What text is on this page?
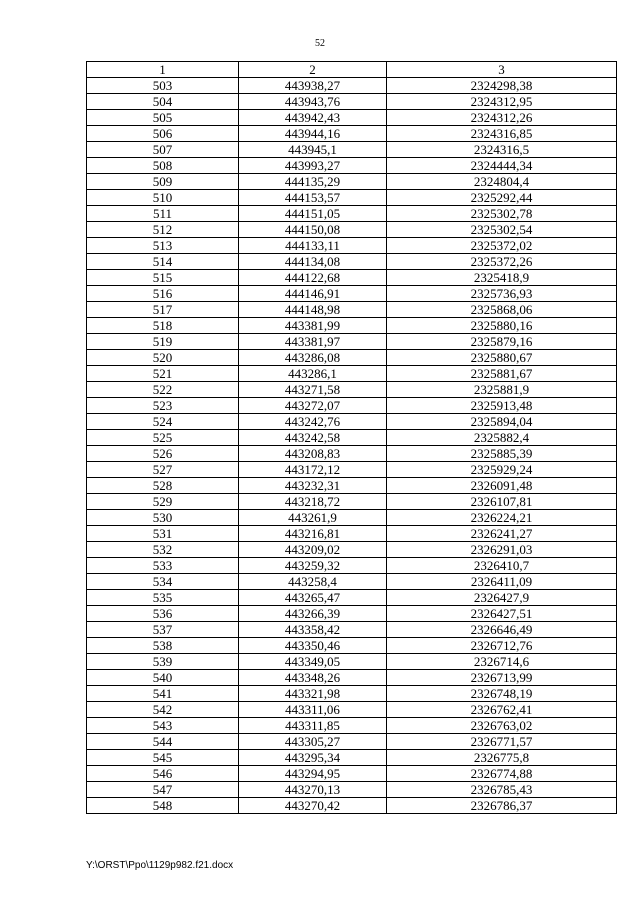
52
1	2	3
503	443938,27	2324298,38
504	443943,76	2324312,95
505	443942,43	2324312,26
506	443944,16	2324316,85
507	443945,1	2324316,5
508	443993,27	2324444,34
509	444135,29	2324804,4
510	444153,57	2325292,44
511	444151,05	2325302,78
512	444150,08	2325302,54
513	444133,11	2325372,02
514	444134,08	2325372,26
515	444122,68	2325418,9
516	444146,91	2325736,93
517	444148,98	2325868,06
518	443381,99	2325880,16
519	443381,97	2325879,16
520	443286,08	2325880,67
521	443286,1	2325881,67
522	443271,58	2325881,9
523	443272,07	2325913,48
524	443242,76	2325894,04
525	443242,58	2325882,4
526	443208,83	2325885,39
527	443172,12	2325929,24
528	443232,31	2326091,48
529	443218,72	2326107,81
530	443261,9	2326224,21
531	443216,81	2326241,27
532	443209,02	2326291,03
533	443259,32	2326410,7
534	443258,4	2326411,09
535	443265,47	2326427,9
536	443266,39	2326427,51
537	443358,42	2326646,49
538	443350,46	2326712,76
539	443349,05	2326714,6
540	443348,26	2326713,99
541	443321,98	2326748,19
542	443311,06	2326762,41
543	443311,85	2326763,02
544	443305,27	2326771,57
545	443295,34	2326775,8
546	443294,95	2326774,88
547	443270,13	2326785,43
548	443270,42	2326786,37
Y:\ORST\Ppo\1129p982.f21.docx
